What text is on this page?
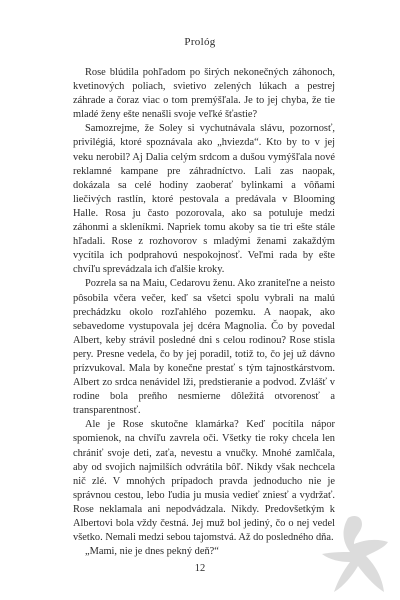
Prológ

Rose blúdila pohľadom po širých nekonečných záhonoch, kvetinových poliach, svietivo zelených lúkach a pestrej záhrade a čoraz viac o tom premýšľala. Je to jej chyba, že tie mladé ženy ešte nenašli svoje veľké šťastie?

Samozrejme, že Soley si vychutnávala slávu, pozornosť, privilégiá, ktoré spoznávala ako „hviezda“. Kto by to v jej veku nerobil? Aj Dalia celým srdcom a dušou vymýšľala nové reklamné kampane pre záhradníctvo. Lali zas naopak, dokázala sa celé hodiny zaoberať bylinkami a vôňami liečivých rastlín, ktoré pestovala a predávala v Blooming Halle. Rosa ju často pozorovala, ako sa potuluje medzi záhonmi a skleníkmi. Napriek tomu akoby sa tie tri ešte stále hľadali. Rose z rozhovorov s mladými ženami zakaždým vycítila ich podprahovú nespokojnosť. Veľmi rada by ešte chvíľu sprevádzala ich ďalšie kroky.

Pozrela sa na Maiu, Cedarovu ženu. Ako zraniteľne a neisto pôsobila včera večer, keď sa všetci spolu vybrali na malú prechádzku okolo rozľahlého pozemku. A naopak, ako sebavedome vystupovala jej dcéra Magnolia. Čo by povedal Albert, keby strávil posledné dni s celou rodinou? Rose stisla pery. Presne vedela, čo by jej poradil, totiž to, čo jej už dávno prízvukoval. Mala by konečne prestať s tým tajnostkárstvom. Albert zo srdca nenávidel lži, predstieranie a podvod. Zvlášť v rodine bola preňho nesmierne dôležitá otvorenosť a transparentnosť.

Ale je Rose skutočne klamárka? Keď pocítila nápor spomienok, na chvíľu zavrela oči. Všetky tie roky chcela len chrániť svoje deti, zaťa, nevestu a vnučky. Mnohé zamlčala, aby od svojich najmilších odvrátila bôľ. Nikdy však nechcela nič zlé. V mnohých prípadoch pravda jednoducho nie je správnou cestou, lebo ľudia ju musia vedieť zniesť a vydržať. Rose neklamala ani nepodvádzala. Nikdy. Predovšetkým k Albertovi bola vždy čestná. Jej muž bol jediný, čo o nej vedel všetko. Nemali medzi sebou tajomstvá. Až do posledného dňa.

„Mami, nie je dnes pekný deň?“

12
